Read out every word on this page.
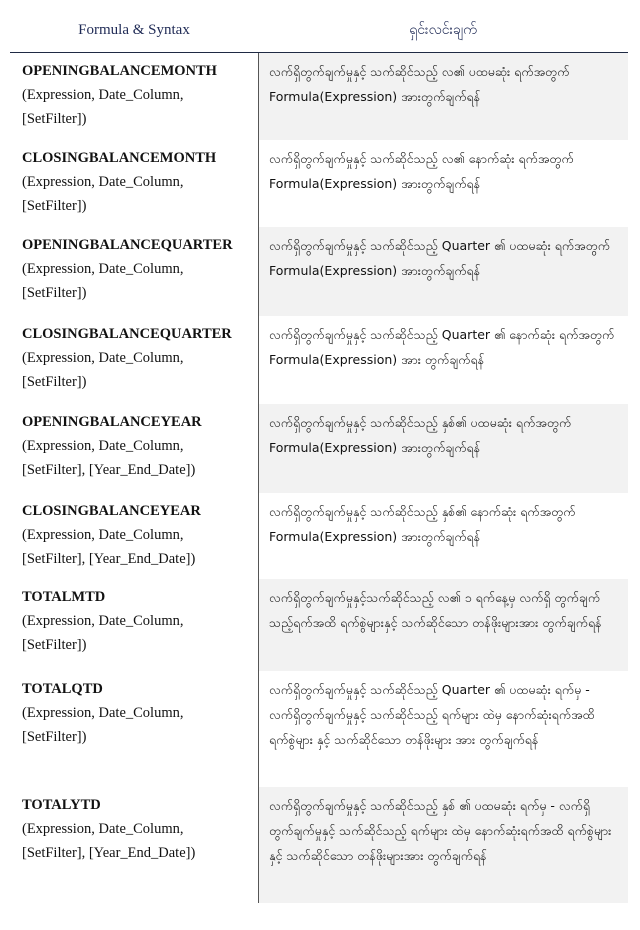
Formula & Syntax	ရှင်းလင်းချက်
OPENINGBALANCEMONTH
(Expression, Date_Column,
[SetFilter])
လက်ရှိတွက်ချက်မှုနှင့် သက်ဆိုင်သည့် လ၏ ပထမဆုံး ရက်အတွက် Formula(Expression) အားတွက်ချက်ရန်
CLOSINGBALANCEMONTH
(Expression, Date_Column,
[SetFilter])
လက်ရှိတွက်ချက်မှုနှင့် သက်ဆိုင်သည့် လ၏ နောက်ဆုံး ရက်အတွက် Formula(Expression) အားတွက်ချက်ရန်
OPENINGBALANCEQUARTER
(Expression, Date_Column,
[SetFilter])
လက်ရှိတွက်ချက်မှုနှင့် သက်ဆိုင်သည့် Quarter ၏ ပထမဆုံး ရက်အတွက် Formula(Expression) အားတွက်ချက်ရန်
CLOSINGBALANCEQUARTER
(Expression, Date_Column,
[SetFilter])
လက်ရှိတွက်ချက်မှုနှင့် သက်ဆိုင်သည့် Quarter ၏ နောက်ဆုံး ရက်အတွက် Formula(Expression) အား တွက်ချက်ရန်
OPENINGBALANCEYEAR
(Expression, Date_Column,
[SetFilter], [Year_End_Date])
လက်ရှိတွက်ချက်မှုနှင့် သက်ဆိုင်သည့် နှစ်၏ ပထမဆုံး ရက်အတွက် Formula(Expression) အားတွက်ချက်ရန်
CLOSINGBALANCEYEAR
(Expression, Date_Column,
[SetFilter], [Year_End_Date])
လက်ရှိတွက်ချက်မှုနှင့် သက်ဆိုင်သည့် နှစ်၏ နောက်ဆုံး ရက်အတွက် Formula(Expression) အားတွက်ချက်ရန်
TOTALMTD
(Expression, Date_Column,
[SetFilter])
လက်ရှိတွက်ချက်မှုနှင့်သက်ဆိုင်သည့် လ၏ ၁ ရက်နေ့မှ လက်ရှိ တွက်ချက်သည့်ရက်အထိ ရက်စွဲများနှင့် သက်ဆိုင်သော တန်ဖိုးများအား တွက်ချက်ရန်
TOTALQTD
(Expression, Date_Column,
[SetFilter])
လက်ရှိတွက်ချက်မှုနှင့် သက်ဆိုင်သည့် Quarter ၏ ပထမဆုံး ရက်မှ - လက်ရှိတွက်ချက်မှုနှင့် သက်ဆိုင်သည့် ရက်များ ထဲမှ နောက်ဆုံးရက်အထိ ရက်စွဲများ နှင့် သက်ဆိုင်သော တန်ဖိုးများ အား တွက်ချက်ရန်
TOTALYTD
(Expression, Date_Column,
[SetFilter], [Year_End_Date])
လက်ရှိတွက်ချက်မှုနှင့် သက်ဆိုင်သည့် နှစ် ၏ ပထမဆုံး ရက်မှ - လက်ရှိတွက်ချက်မှုနှင့် သက်ဆိုင်သည့် ရက်များ ထဲမှ နောက်ဆုံးရက်အထိ ရက်စွဲများ နှင့် သက်ဆိုင်သော တန်ဖိုးများအား တွက်ချက်ရန်
